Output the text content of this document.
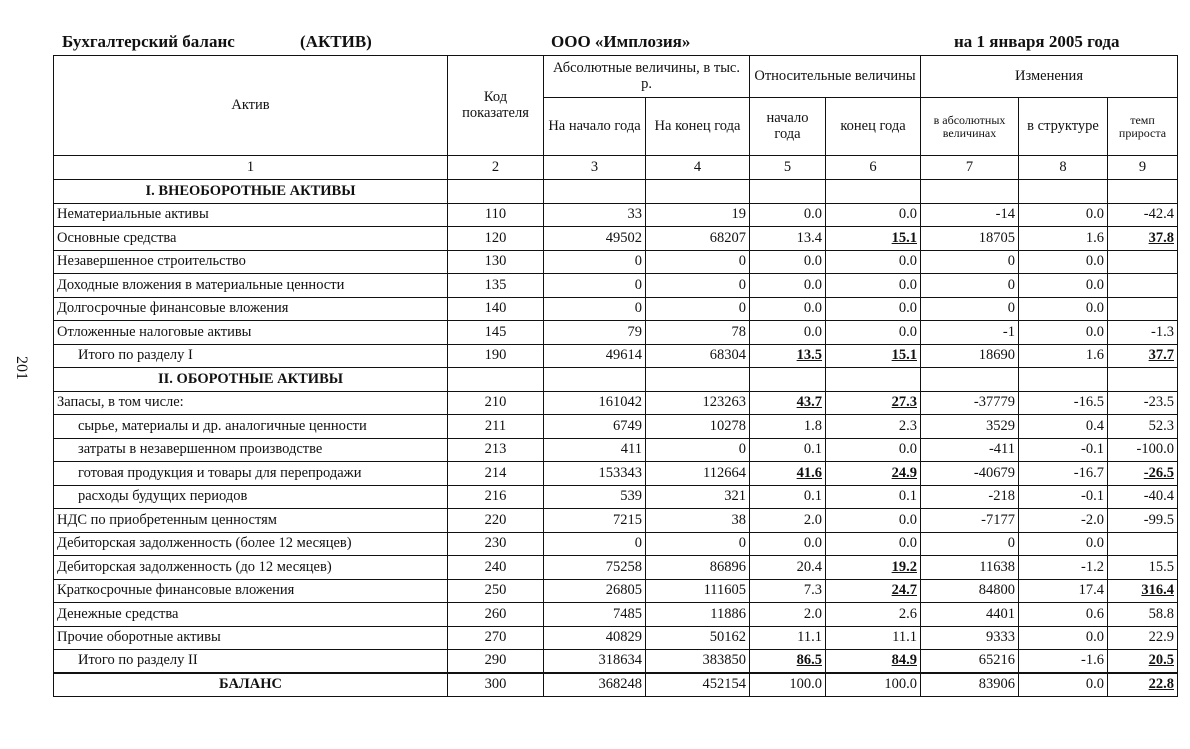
Бухгалтерский баланс	(АКТИВ)	ООО «Имплозия»	на 1 января 2005 года
201
Актив	Код показателя	Абсолютные величины, в тыс. р.		Относительные величины		Изменения		
		На начало года	На конец года	начало года	конец года	в абсолютных величинах	в структуре	темп прироста
1	2	3	4	5	6	7	8	9
I. ВНЕОБОРОТНЫЕ АКТИВЫ								
Нематериальные активы	110	33	19	0.0	0.0	-14	0.0	-42.4
Основные средства	120	49502	68207	13.4	15.1	18705	1.6	37.8
Незавершенное строительство	130	0	0	0.0	0.0	0	0.0	
Доходные вложения в материальные ценности	135	0	0	0.0	0.0	0	0.0	
Долгосрочные финансовые вложения	140	0	0	0.0	0.0	0	0.0	
Отложенные налоговые активы	145	79	78	0.0	0.0	-1	0.0	-1.3
Итого по разделу I	190	49614	68304	13.5	15.1	18690	1.6	37.7
II. ОБОРОТНЫЕ АКТИВЫ								
Запасы, в том числе:	210	161042	123263	43.7	27.3	-37779	-16.5	-23.5
сырье, материалы и др. аналогичные ценности	211	6749	10278	1.8	2.3	3529	0.4	52.3
затраты в незавершенном производстве	213	411	0	0.1	0.0	-411	-0.1	-100.0
готовая продукция и товары для перепродажи	214	153343	112664	41.6	24.9	-40679	-16.7	-26.5
расходы будущих периодов	216	539	321	0.1	0.1	-218	-0.1	-40.4
НДС по приобретенным ценностям	220	7215	38	2.0	0.0	-7177	-2.0	-99.5
Дебиторская задолженность (более 12 месяцев)	230	0	0	0.0	0.0	0	0.0	
Дебиторская задолженность (до 12 месяцев)	240	75258	86896	20.4	19.2	11638	-1.2	15.5
Краткосрочные финансовые вложения	250	26805	111605	7.3	24.7	84800	17.4	316.4
Денежные средства	260	7485	11886	2.0	2.6	4401	0.6	58.8
Прочие оборотные активы	270	40829	50162	11.1	11.1	9333	0.0	22.9
Итого по разделу II	290	318634	383850	86.5	84.9	65216	-1.6	20.5
БАЛАНС	300	368248	452154	100.0	100.0	83906	0.0	22.8
